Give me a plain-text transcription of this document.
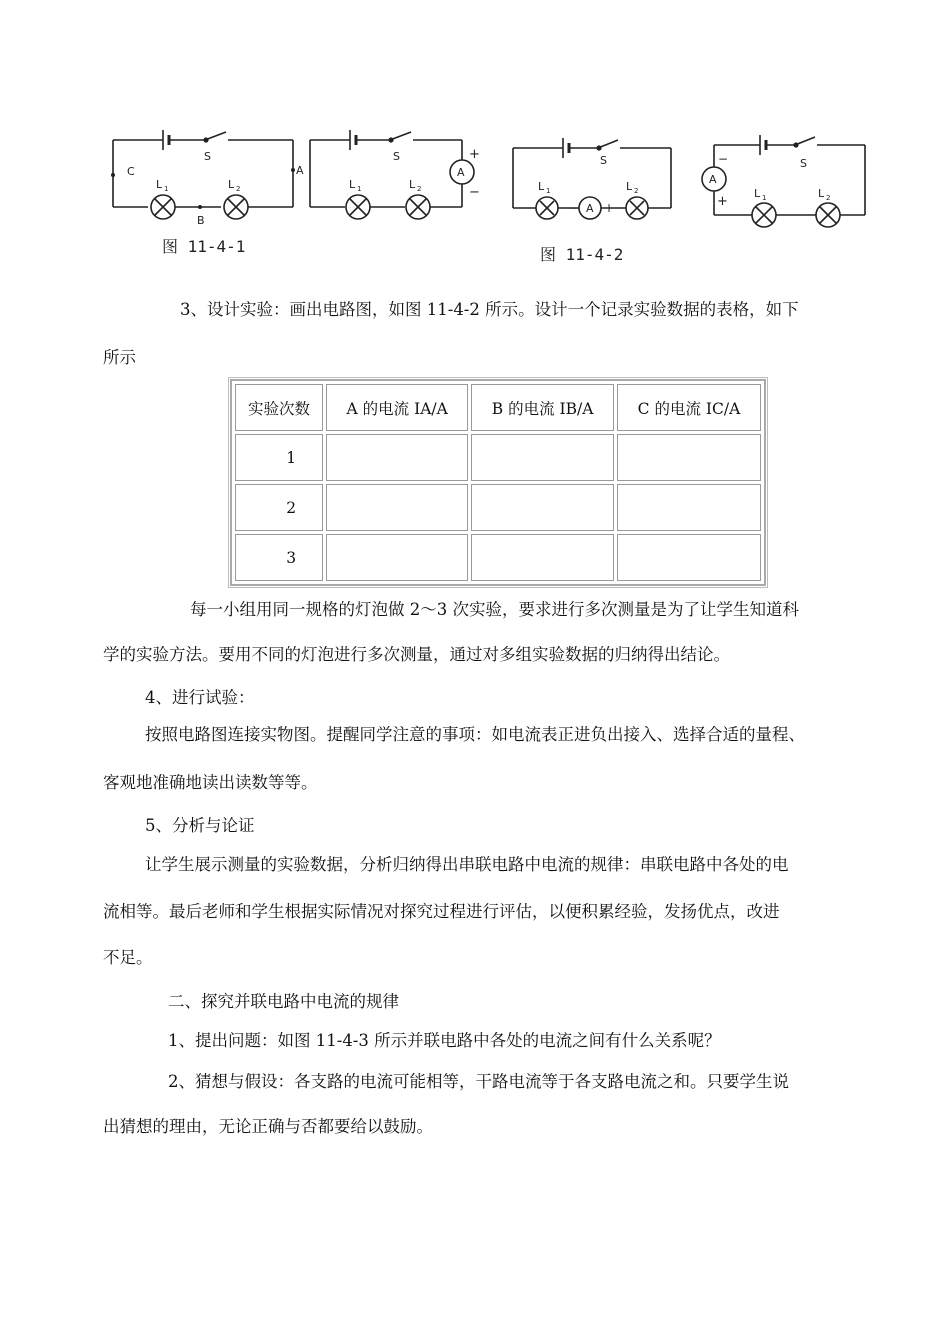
S
C	A
B
L 1	L 2
图 11-4-1
A
+
−
S
L 1	L 2
A
− +
S
L 1	L 2
图 11-4-2
A
−
+
S
L 1	L 2
3、设计实验：画出电路图，如图 11-4-2 所示。设计一个记录实验数据的表格，如下
所示
实验次数	A 的电流 IA/A	B 的电流 IB/A	C 的电流 IC/A
1			
2			
3			
每一小组用同一规格的灯泡做 2～3 次实验，要求进行多次测量是为了让学生知道科
学的实验方法。要用不同的灯泡进行多次测量，通过对多组实验数据的归纳得出结论。
4、进行试验：
按照电路图连接实物图。提醒同学注意的事项：如电流表正进负出接入、选择合适的量程、
客观地准确地读出读数等等。
5、分析与论证
让学生展示测量的实验数据，分析归纳得出串联电路中电流的规律：串联电路中各处的电
流相等。最后老师和学生根据实际情况对探究过程进行评估，以便积累经验，发扬优点，改进
不足。
二、探究并联电路中电流的规律
1、提出问题：如图 11-4-3 所示并联电路中各处的电流之间有什么关系呢？
2、猜想与假设：各支路的电流可能相等，干路电流等于各支路电流之和。只要学生说
出猜想的理由，无论正确与否都要给以鼓励。
